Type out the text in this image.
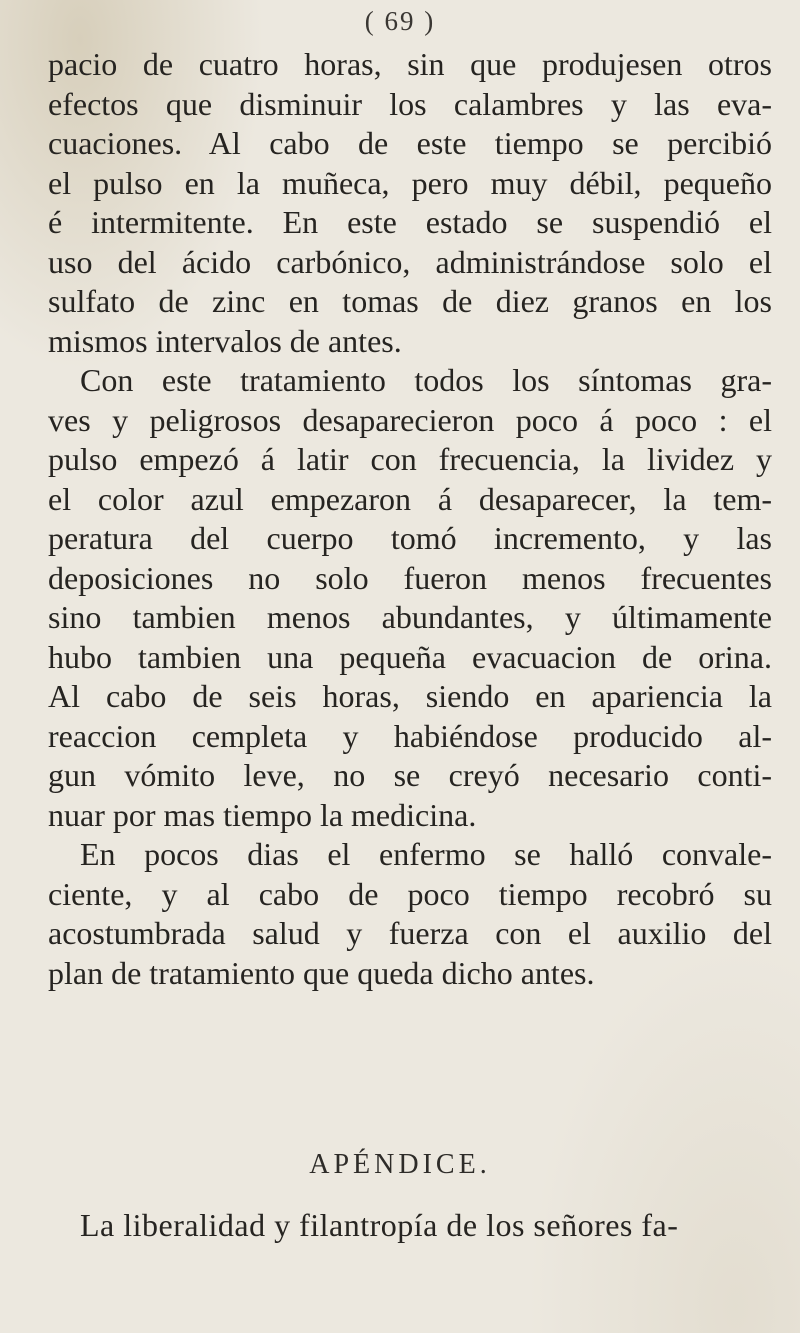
( 69 )
pacio de cuatro horas, sin que produjesen otros
efectos que disminuir los calambres y las eva-
cuaciones. Al cabo de este tiempo se percibió
el pulso en la muñeca, pero muy débil, pequeño
é intermitente. En este estado se suspendió el
uso del ácido carbónico, administrándose solo el
sulfato de zinc en tomas de diez granos en los
mismos intervalos de antes.
Con este tratamiento todos los síntomas gra-
ves y peligrosos desaparecieron poco á poco : el
pulso empezó á latir con frecuencia, la lividez y
el color azul empezaron á desaparecer, la tem-
peratura del cuerpo tomó incremento, y las
deposiciones no solo fueron menos frecuentes
sino tambien menos abundantes, y últimamente
hubo tambien una pequeña evacuacion de orina.
Al cabo de seis horas, siendo en apariencia la
reaccion cempleta y habiéndose producido al-
gun vómito leve, no se creyó necesario conti-
nuar por mas tiempo la medicina.
En pocos dias el enfermo se halló convale-
ciente, y al cabo de poco tiempo recobró su
acostumbrada salud y fuerza con el auxilio del
plan de tratamiento que queda dicho antes.
APÉNDICE.
La liberalidad y filantropía de los señores fa-
